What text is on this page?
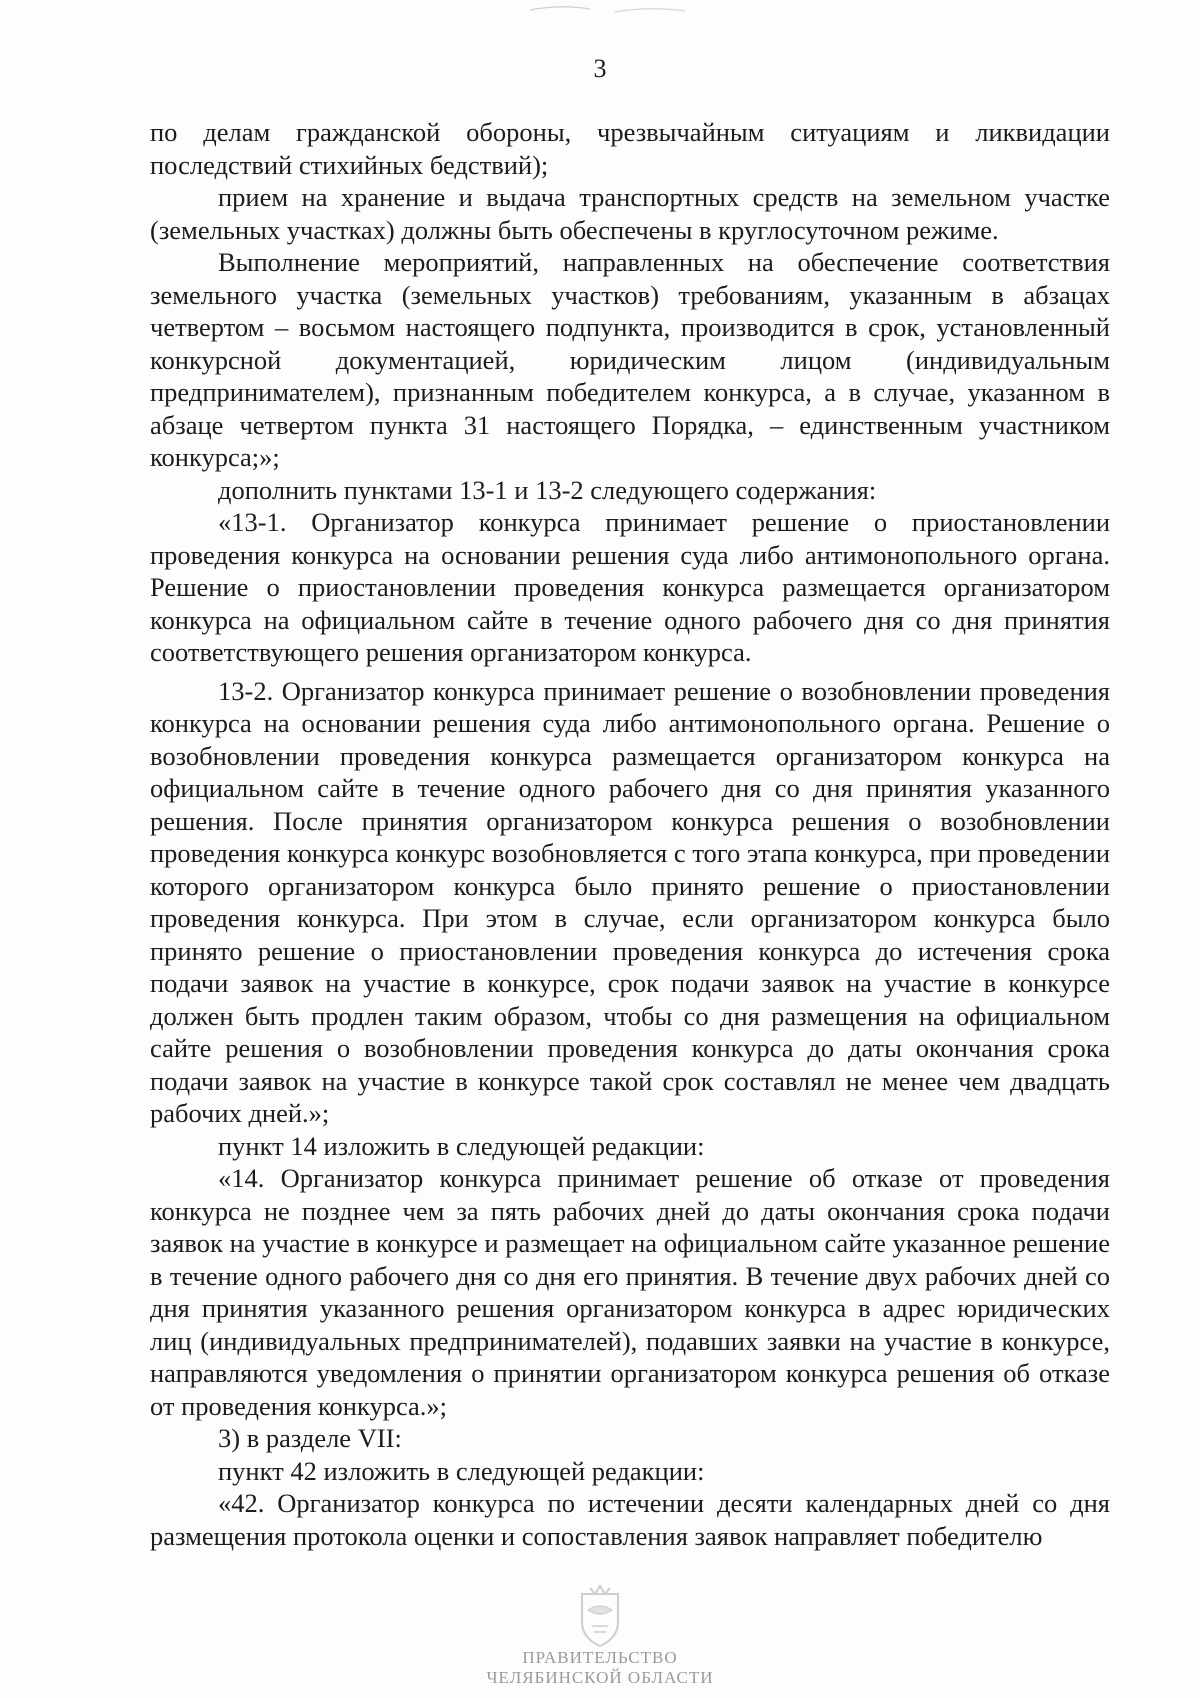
3

по делам гражданской обороны, чрезвычайным ситуациям и ликвидации последствий стихийных бедствий);

прием на хранение и выдача транспортных средств на земельном участке (земельных участках) должны быть обеспечены в круглосуточном режиме.

Выполнение мероприятий, направленных на обеспечение соответствия земельного участка (земельных участков) требованиям, указанным в абзацах четвертом – восьмом настоящего подпункта, производится в срок, установленный конкурсной документацией, юридическим лицом (индивидуальным предпринимателем), признанным победителем конкурса, а в случае, указанном в абзаце четвертом пункта 31 настоящего Порядка, – единственным участником конкурса;»;

дополнить пунктами 13-1 и 13-2 следующего содержания:

«13-1. Организатор конкурса принимает решение о приостановлении проведения конкурса на основании решения суда либо антимонопольного органа. Решение о приостановлении проведения конкурса размещается организатором конкурса на официальном сайте в течение одного рабочего дня со дня принятия соответствующего решения организатором конкурса.

13-2. Организатор конкурса принимает решение о возобновлении проведения конкурса на основании решения суда либо антимонопольного органа. Решение о возобновлении проведения конкурса размещается организатором конкурса на официальном сайте в течение одного рабочего дня со дня принятия указанного решения. После принятия организатором конкурса решения о возобновлении проведения конкурса конкурс возобновляется с того этапа конкурса, при проведении которого организатором конкурса было принято решение о приостановлении проведения конкурса. При этом в случае, если организатором конкурса было принято решение о приостановлении проведения конкурса до истечения срока подачи заявок на участие в конкурсе, срок подачи заявок на участие в конкурсе должен быть продлен таким образом, чтобы со дня размещения на официальном сайте решения о возобновлении проведения конкурса до даты окончания срока подачи заявок на участие в конкурсе такой срок составлял не менее чем двадцать рабочих дней.»;

пункт 14 изложить в следующей редакции:

«14. Организатор конкурса принимает решение об отказе от проведения конкурса не позднее чем за пять рабочих дней до даты окончания срока подачи заявок на участие в конкурсе и размещает на официальном сайте указанное решение в течение одного рабочего дня со дня его принятия. В течение двух рабочих дней со дня принятия указанного решения организатором конкурса в адрес юридических лиц (индивидуальных предпринимателей), подавших заявки на участие в конкурсе, направляются уведомления о принятии организатором конкурса решения об отказе от проведения конкурса.»;

3) в разделе VII:

пункт 42 изложить в следующей редакции:

«42. Организатор конкурса по истечении десяти календарных дней со дня размещения протокола оценки и сопоставления заявок направляет победителю

ПРАВИТЕЛЬСТВО
ЧЕЛЯБИНСКОЙ ОБЛАСТИ
